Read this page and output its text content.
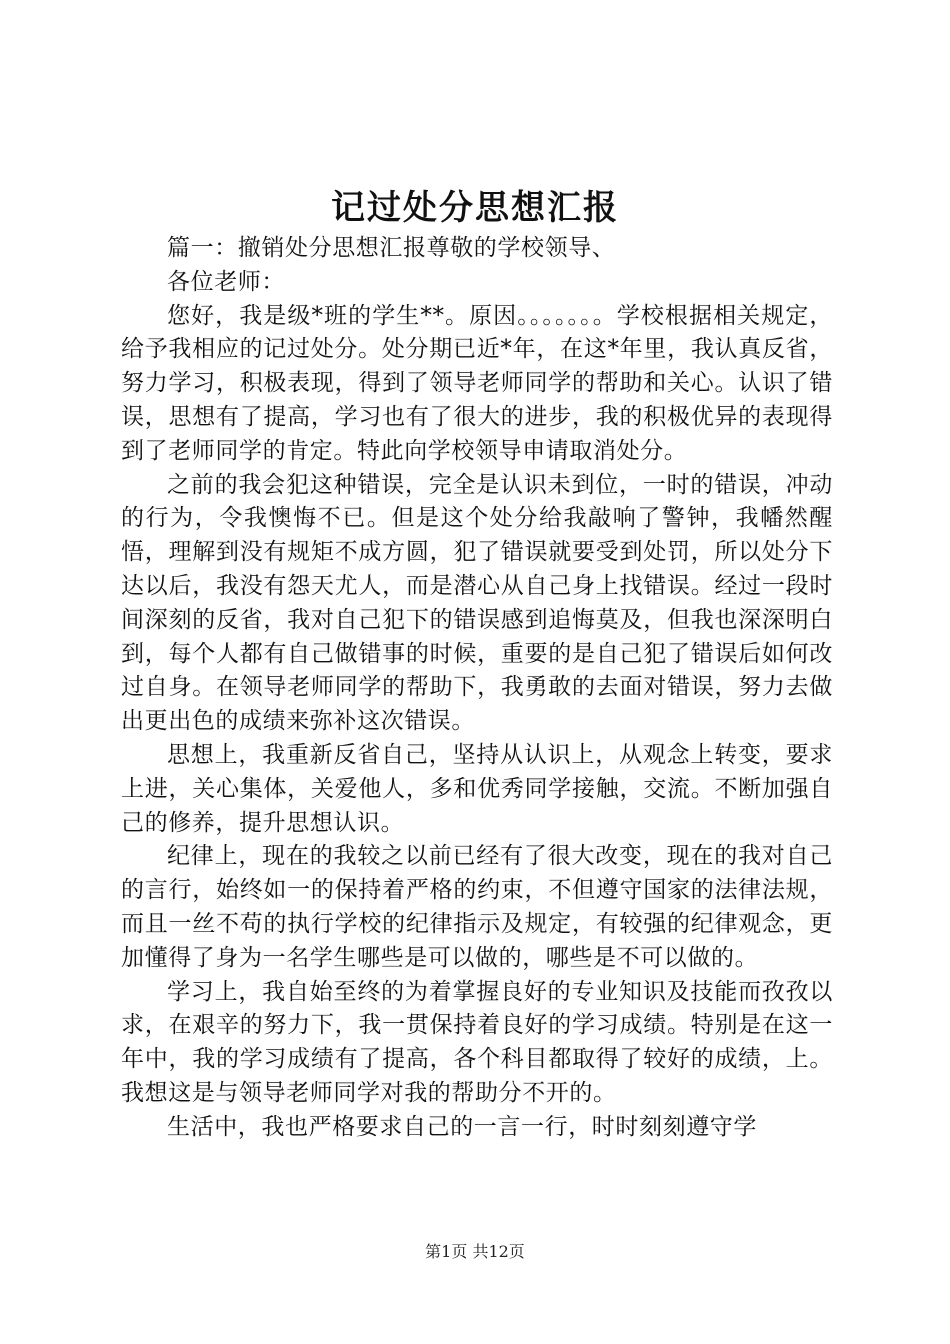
记过处分思想汇报

篇一：撤销处分思想汇报尊敬的学校领导、

各位老师：

您好，我是级*班的学生**。原因。。。。。。。学校根据相关规定，给予我相应的记过处分。处分期已近*年，在这*年里，我认真反省，努力学习，积极表现，得到了领导老师同学的帮助和关心。认识了错误，思想有了提高，学习也有了很大的进步，我的积极优异的表现得到了老师同学的肯定。特此向学校领导申请取消处分。

之前的我会犯这种错误，完全是认识未到位，一时的错误，冲动的行为，令我懊悔不已。但是这个处分给我敲响了警钟，我幡然醒悟，理解到没有规矩不成方圆，犯了错误就要受到处罚，所以处分下达以后，我没有怨天尤人，而是潜心从自己身上找错误。经过一段时间深刻的反省，我对自己犯下的错误感到追悔莫及，但我也深深明白到，每个人都有自己做错事的时候，重要的是自己犯了错误后如何改过自身。在领导老师同学的帮助下，我勇敢的去面对错误，努力去做出更出色的成绩来弥补这次错误。

思想上，我重新反省自己，坚持从认识上，从观念上转变，要求上进，关心集体，关爱他人，多和优秀同学接触，交流。不断加强自己的修养，提升思想认识。

纪律上，现在的我较之以前已经有了很大改变，现在的我对自己的言行，始终如一的保持着严格的约束，不但遵守国家的法律法规，而且一丝不苟的执行学校的纪律指示及规定，有较强的纪律观念，更加懂得了身为一名学生哪些是可以做的，哪些是不可以做的。

学习上，我自始至终的为着掌握良好的专业知识及技能而孜孜以求，在艰辛的努力下，我一贯保持着良好的学习成绩。特别是在这一年中，我的学习成绩有了提高，各个科目都取得了较好的成绩，上。我想这是与领导老师同学对我的帮助分不开的。

生活中，我也严格要求自己的一言一行，时时刻刻遵守学

第1页 共12页
